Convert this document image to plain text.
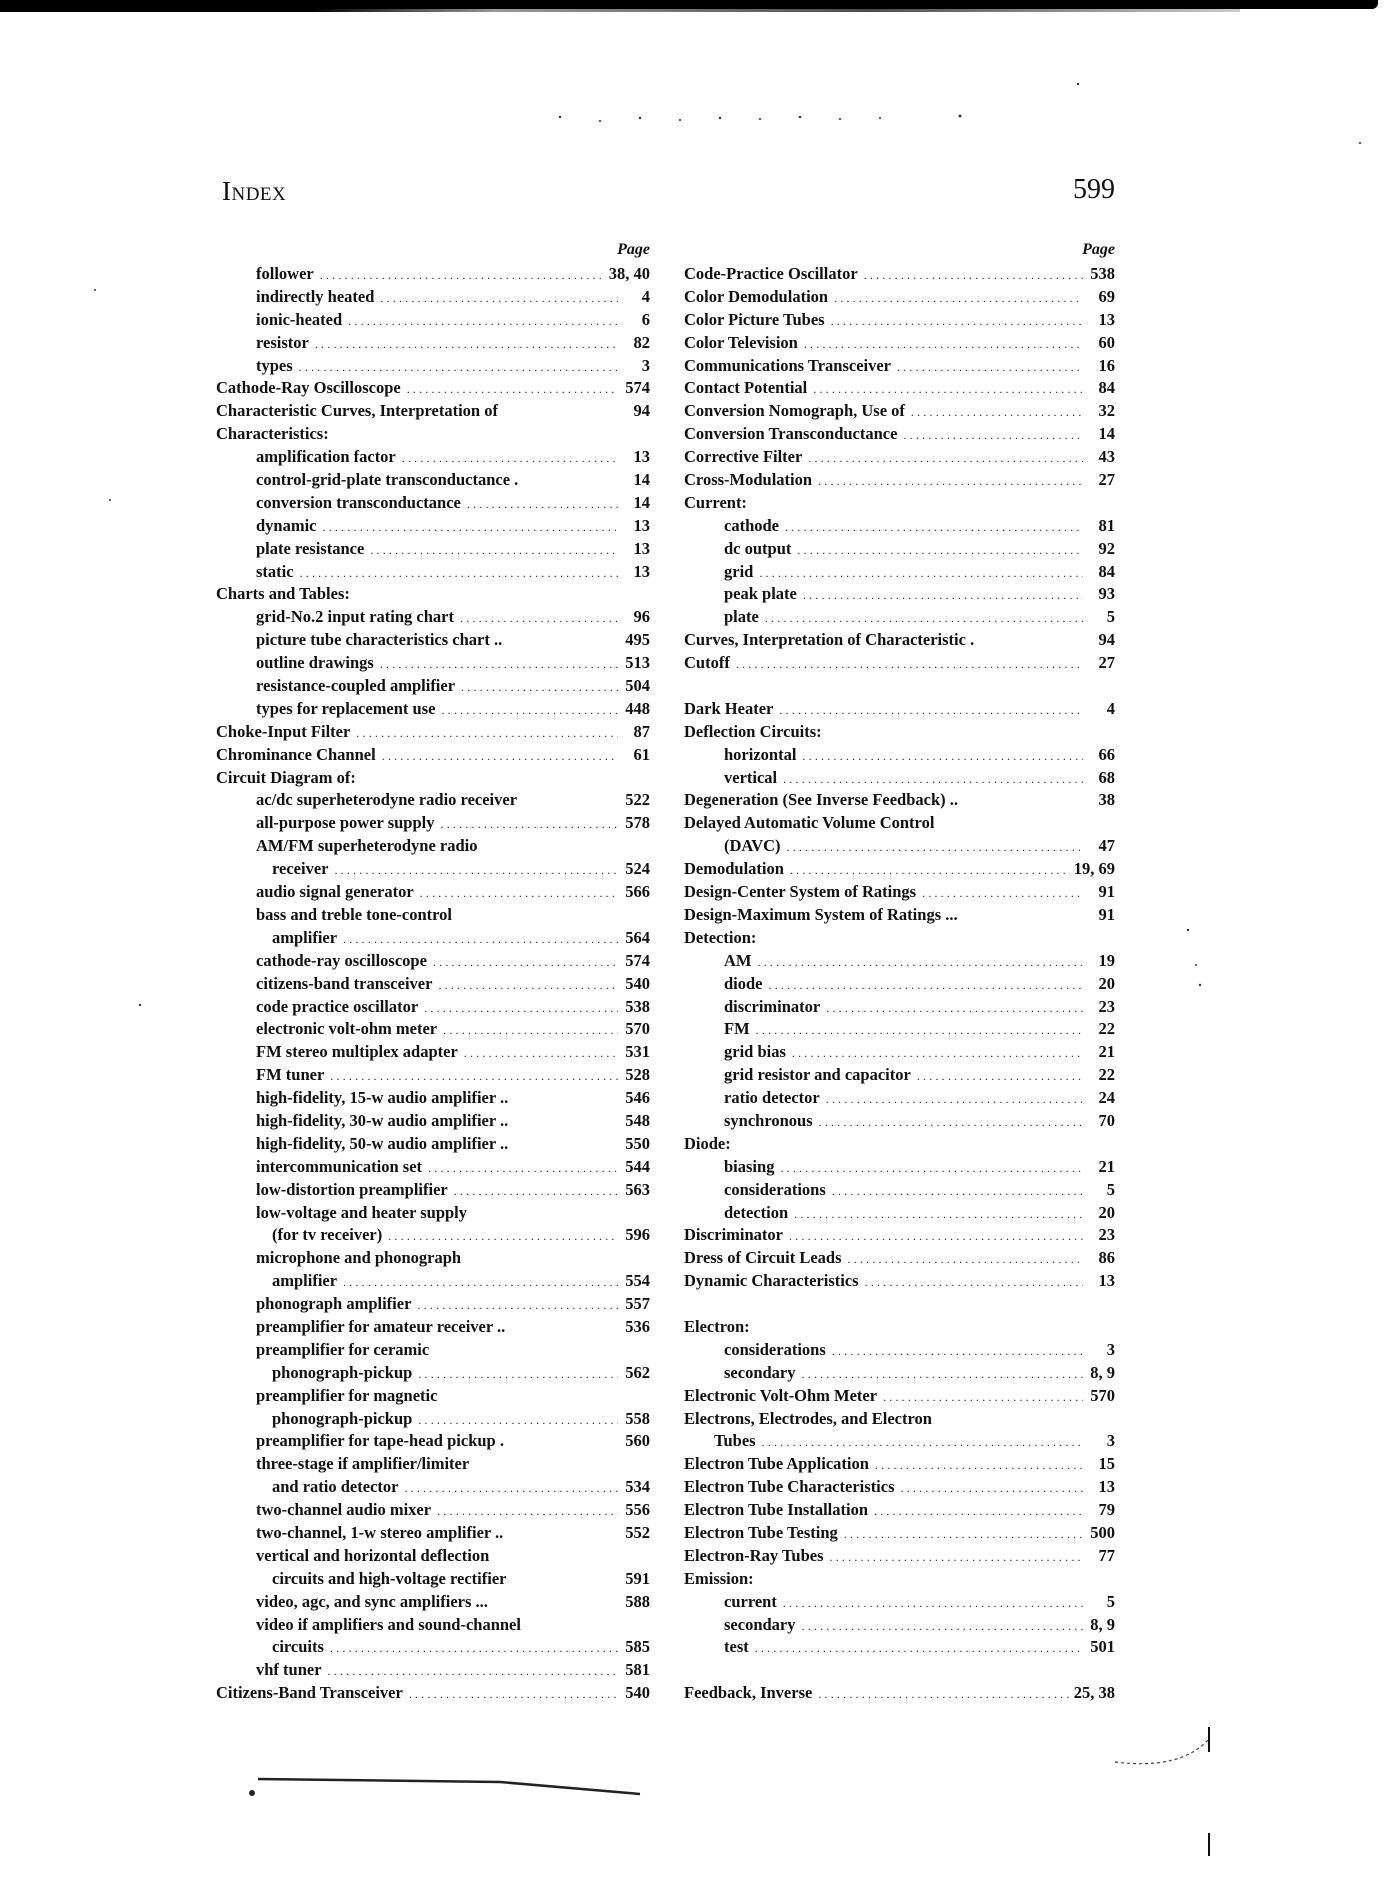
Index	599
Page
follower .....	38, 40
indirectly heated .....	4
ionic-heated .....	6
resistor .....	82
types .....	3
Cathode-Ray Oscilloscope .....	574
Characteristic Curves, Interpretation of	94
Characteristics:
amplification factor .....	13
control-grid-plate transconductance .	14
conversion transconductance .....	14
dynamic .....	13
plate resistance .....	13
static .....	13
Charts and Tables:
grid-No.2 input rating chart .....	96
picture tube characteristics chart ..	495
outline drawings .....	513
resistance-coupled amplifier .....	504
types for replacement use .....	448
Choke-Input Filter .....	87
Chrominance Channel .....	61
Circuit Diagram of:
ac/dc superheterodyne radio receiver	522
all-purpose power supply .....	578
AM/FM superheterodyne radio
receiver .....	524
audio signal generator .....	566
bass and treble tone-control
amplifier .....	564
cathode-ray oscilloscope .....	574
citizens-band transceiver .....	540
code practice oscillator .....	538
electronic volt-ohm meter .....	570
FM stereo multiplex adapter .....	531
FM tuner .....	528
high-fidelity, 15-w audio amplifier ..	546
high-fidelity, 30-w audio amplifier ..	548
high-fidelity, 50-w audio amplifier ..	550
intercommunication set .....	544
low-distortion preamplifier .....	563
low-voltage and heater supply
(for tv receiver) .....	596
microphone and phonograph
amplifier .....	554
phonograph amplifier .....	557
preamplifier for amateur receiver ..	536
preamplifier for ceramic
phonograph-pickup .....	562
preamplifier for magnetic
phonograph-pickup .....	558
preamplifier for tape-head pickup .	560
three-stage if amplifier/limiter
and ratio detector .....	534
two-channel audio mixer .....	556
two-channel, 1-w stereo amplifier ..	552
vertical and horizontal deflection
circuits and high-voltage rectifier	591
video, agc, and sync amplifiers ...	588
video if amplifiers and sound-channel
circuits .....	585
vhf tuner .....	581
Citizens-Band Transceiver .....	540
Page
Code-Practice Oscillator .....	538
Color Demodulation .....	69
Color Picture Tubes .....	13
Color Television .....	60
Communications Transceiver .....	16
Contact Potential .....	84
Conversion Nomograph, Use of .....	32
Conversion Transconductance .....	14
Corrective Filter .....	43
Cross-Modulation .....	27
Current:
cathode .....	81
dc output .....	92
grid .....	84
peak plate .....	93
plate .....	5
Curves, Interpretation of Characteristic .	94
Cutoff .....	27
Dark Heater .....	4
Deflection Circuits:
horizontal .....	66
vertical .....	68
Degeneration (See Inverse Feedback) ..	38
Delayed Automatic Volume Control
(DAVC) .....	47
Demodulation .....	19, 69
Design-Center System of Ratings .....	91
Design-Maximum System of Ratings ...	91
Detection:
AM .....	19
diode .....	20
discriminator .....	23
FM .....	22
grid bias .....	21
grid resistor and capacitor .....	22
ratio detector .....	24
synchronous .....	70
Diode:
biasing .....	21
considerations .....	5
detection .....	20
Discriminator .....	23
Dress of Circuit Leads .....	86
Dynamic Characteristics .....	13
Electron:
considerations .....	3
secondary .....	8, 9
Electronic Volt-Ohm Meter .....	570
Electrons, Electrodes, and Electron
Tubes .....	3
Electron Tube Application .....	15
Electron Tube Characteristics .....	13
Electron Tube Installation .....	79
Electron Tube Testing .....	500
Electron-Ray Tubes .....	77
Emission:
current .....	5
secondary .....	8, 9
test .....	501
Feedback, Inverse .....	25, 38
